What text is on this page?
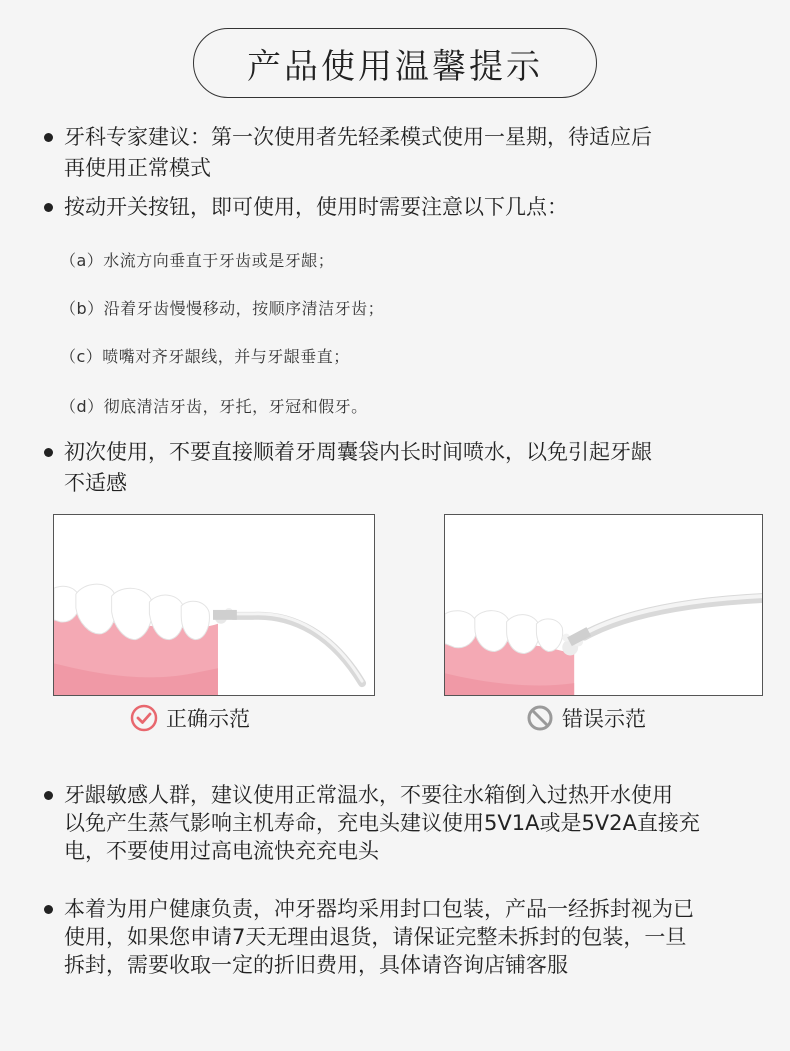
产品使用温馨提示
牙科专家建议：第一次使用者先轻柔模式使用一星期，待适应后
再使用正常模式
按动开关按钮，即可使用，使用时需要注意以下几点：
（a）水流方向垂直于牙齿或是牙龈；
（b）沿着牙齿慢慢移动，按顺序清洁牙齿；
（c）喷嘴对齐牙龈线，并与牙龈垂直；
（d）彻底清洁牙齿，牙托，牙冠和假牙。
初次使用，不要直接顺着牙周囊袋内长时间喷水，以免引起牙龈
不适感
正确示范	错误示范
牙龈敏感人群，建议使用正常温水，不要往水箱倒入过热开水使用
以免产生蒸气影响主机寿命，充电头建议使用5V1A或是5V2A直接充
电，不要使用过高电流快充充电头
本着为用户健康负责，冲牙器均采用封口包装，产品一经拆封视为已
使用，如果您申请7天无理由退货，请保证完整未拆封的包装，一旦
拆封，需要收取一定的折旧费用，具体请咨询店铺客服
